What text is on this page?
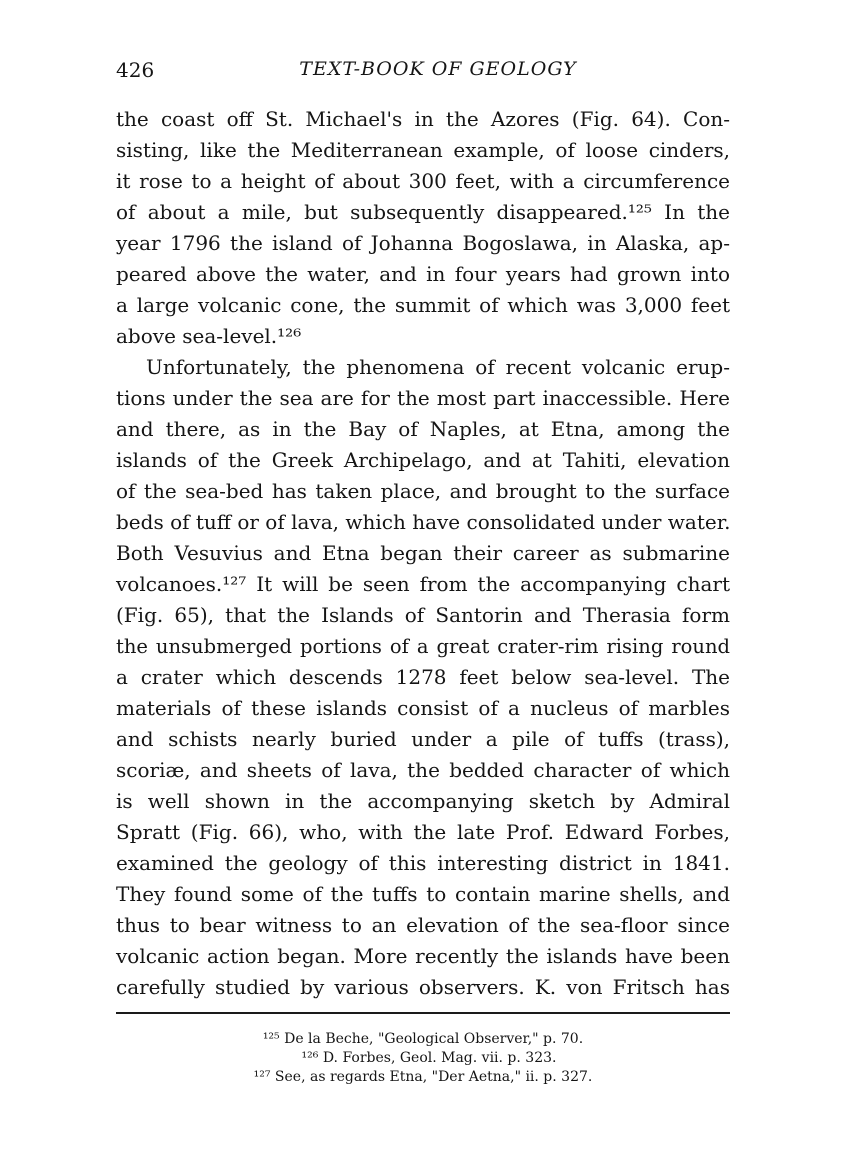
426	TEXT-BOOK OF GEOLOGY
the coast off St. Michael's in the Azores (Fig. 64). Con-
sisting, like the Mediterranean example, of loose cinders,
it rose to a height of about 300 feet, with a circumference
of about a mile, but subsequently disappeared.¹²⁵ In the
year 1796 the island of Johanna Bogoslawa, in Alaska, ap-
peared above the water, and in four years had grown into
a large volcanic cone, the summit of which was 3,000 feet
above sea-level.¹²⁶
Unfortunately, the phenomena of recent volcanic erup-
tions under the sea are for the most part inaccessible. Here
and there, as in the Bay of Naples, at Etna, among the
islands of the Greek Archipelago, and at Tahiti, elevation
of the sea-bed has taken place, and brought to the surface
beds of tuff or of lava, which have consolidated under water.
Both Vesuvius and Etna began their career as submarine
volcanoes.¹²⁷ It will be seen from the accompanying chart
(Fig. 65), that the Islands of Santorin and Therasia form
the unsubmerged portions of a great crater-rim rising round
a crater which descends 1278 feet below sea-level. The
materials of these islands consist of a nucleus of marbles
and schists nearly buried under a pile of tuffs (trass),
scoriæ, and sheets of lava, the bedded character of which
is well shown in the accompanying sketch by Admiral
Spratt (Fig. 66), who, with the late Prof. Edward Forbes,
examined the geology of this interesting district in 1841.
They found some of the tuffs to contain marine shells, and
thus to bear witness to an elevation of the sea-floor since
volcanic action began. More recently the islands have been
carefully studied by various observers. K. von Fritsch has
¹²⁵ De la Beche, "Geological Observer," p. 70.
¹²⁶ D. Forbes, Geol. Mag. vii. p. 323.
¹²⁷ See, as regards Etna, "Der Aetna," ii. p. 327.
